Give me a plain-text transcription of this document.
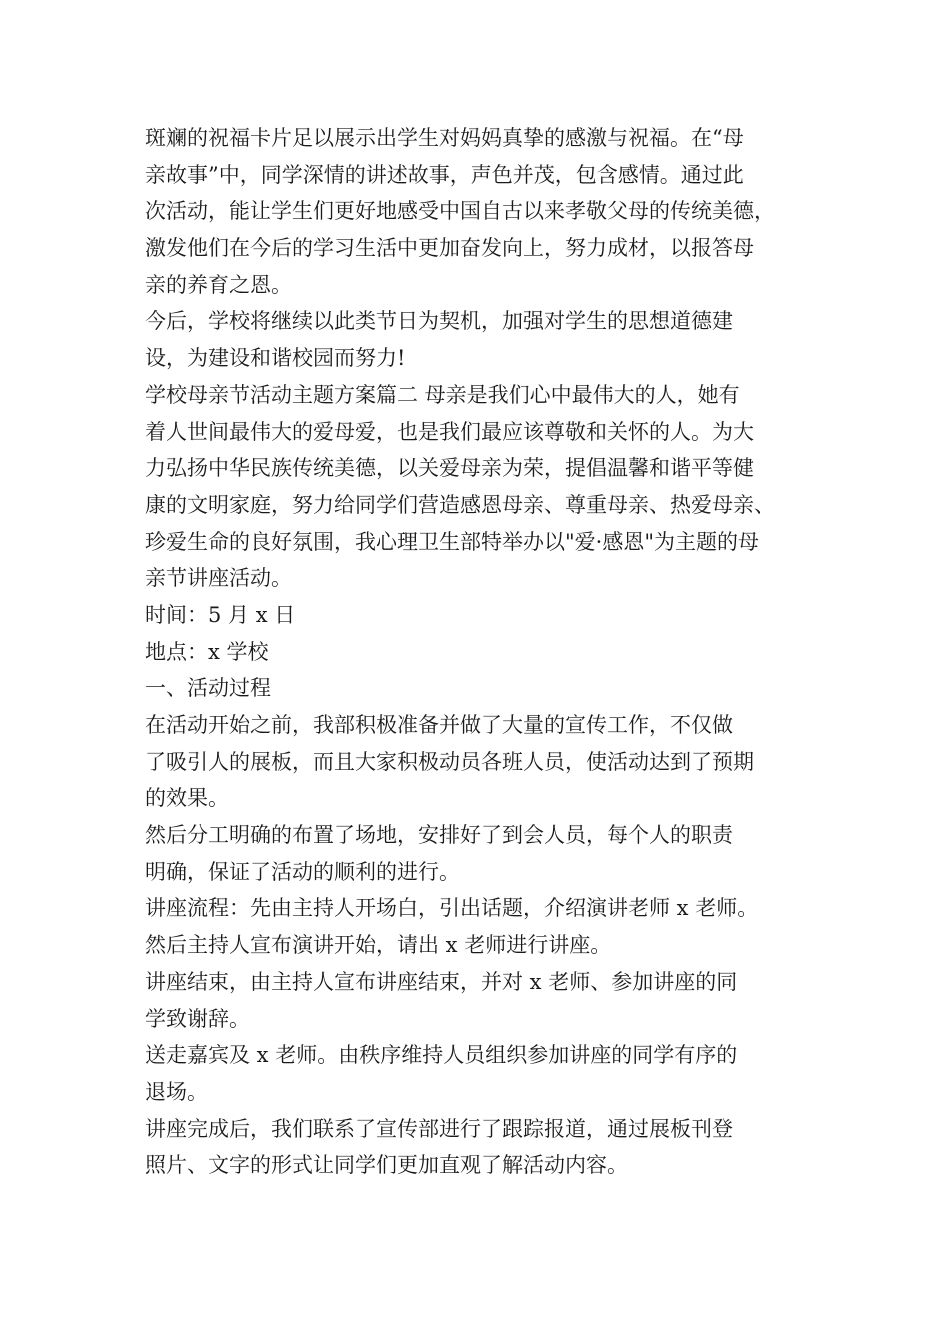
斑斓的祝福卡片足以展示出学生对妈妈真挚的感激与祝福。在“母
亲故事”中，同学深情的讲述故事，声色并茂，包含感情。通过此
次活动，能让学生们更好地感受中国自古以来孝敬父母的传统美德，
激发他们在今后的学习生活中更加奋发向上，努力成材，以报答母
亲的养育之恩。
今后，学校将继续以此类节日为契机，加强对学生的思想道德建
设，为建设和谐校园而努力!
学校母亲节活动主题方案篇二 母亲是我们心中最伟大的人，她有
着人世间最伟大的爱母爱，也是我们最应该尊敬和关怀的人。为大
力弘扬中华民族传统美德，以关爱母亲为荣，提倡温馨和谐平等健
康的文明家庭，努力给同学们营造感恩母亲、尊重母亲、热爱母亲、
珍爱生命的良好氛围，我心理卫生部特举办以"爱·感恩"为主题的母
亲节讲座活动。
时间：5 月 x 日
地点：x 学校
一、活动过程
在活动开始之前，我部积极准备并做了大量的宣传工作，不仅做
了吸引人的展板，而且大家积极动员各班人员，使活动达到了预期
的效果。
然后分工明确的布置了场地，安排好了到会人员，每个人的职责
明确，保证了活动的顺利的进行。
讲座流程：先由主持人开场白，引出话题，介绍演讲老师 x 老师。
然后主持人宣布演讲开始，请出 x 老师进行讲座。
讲座结束，由主持人宣布讲座结束，并对 x 老师、参加讲座的同
学致谢辞。
送走嘉宾及 x 老师。由秩序维持人员组织参加讲座的同学有序的
退场。
讲座完成后，我们联系了宣传部进行了跟踪报道，通过展板刊登
照片、文字的形式让同学们更加直观了解活动内容。
